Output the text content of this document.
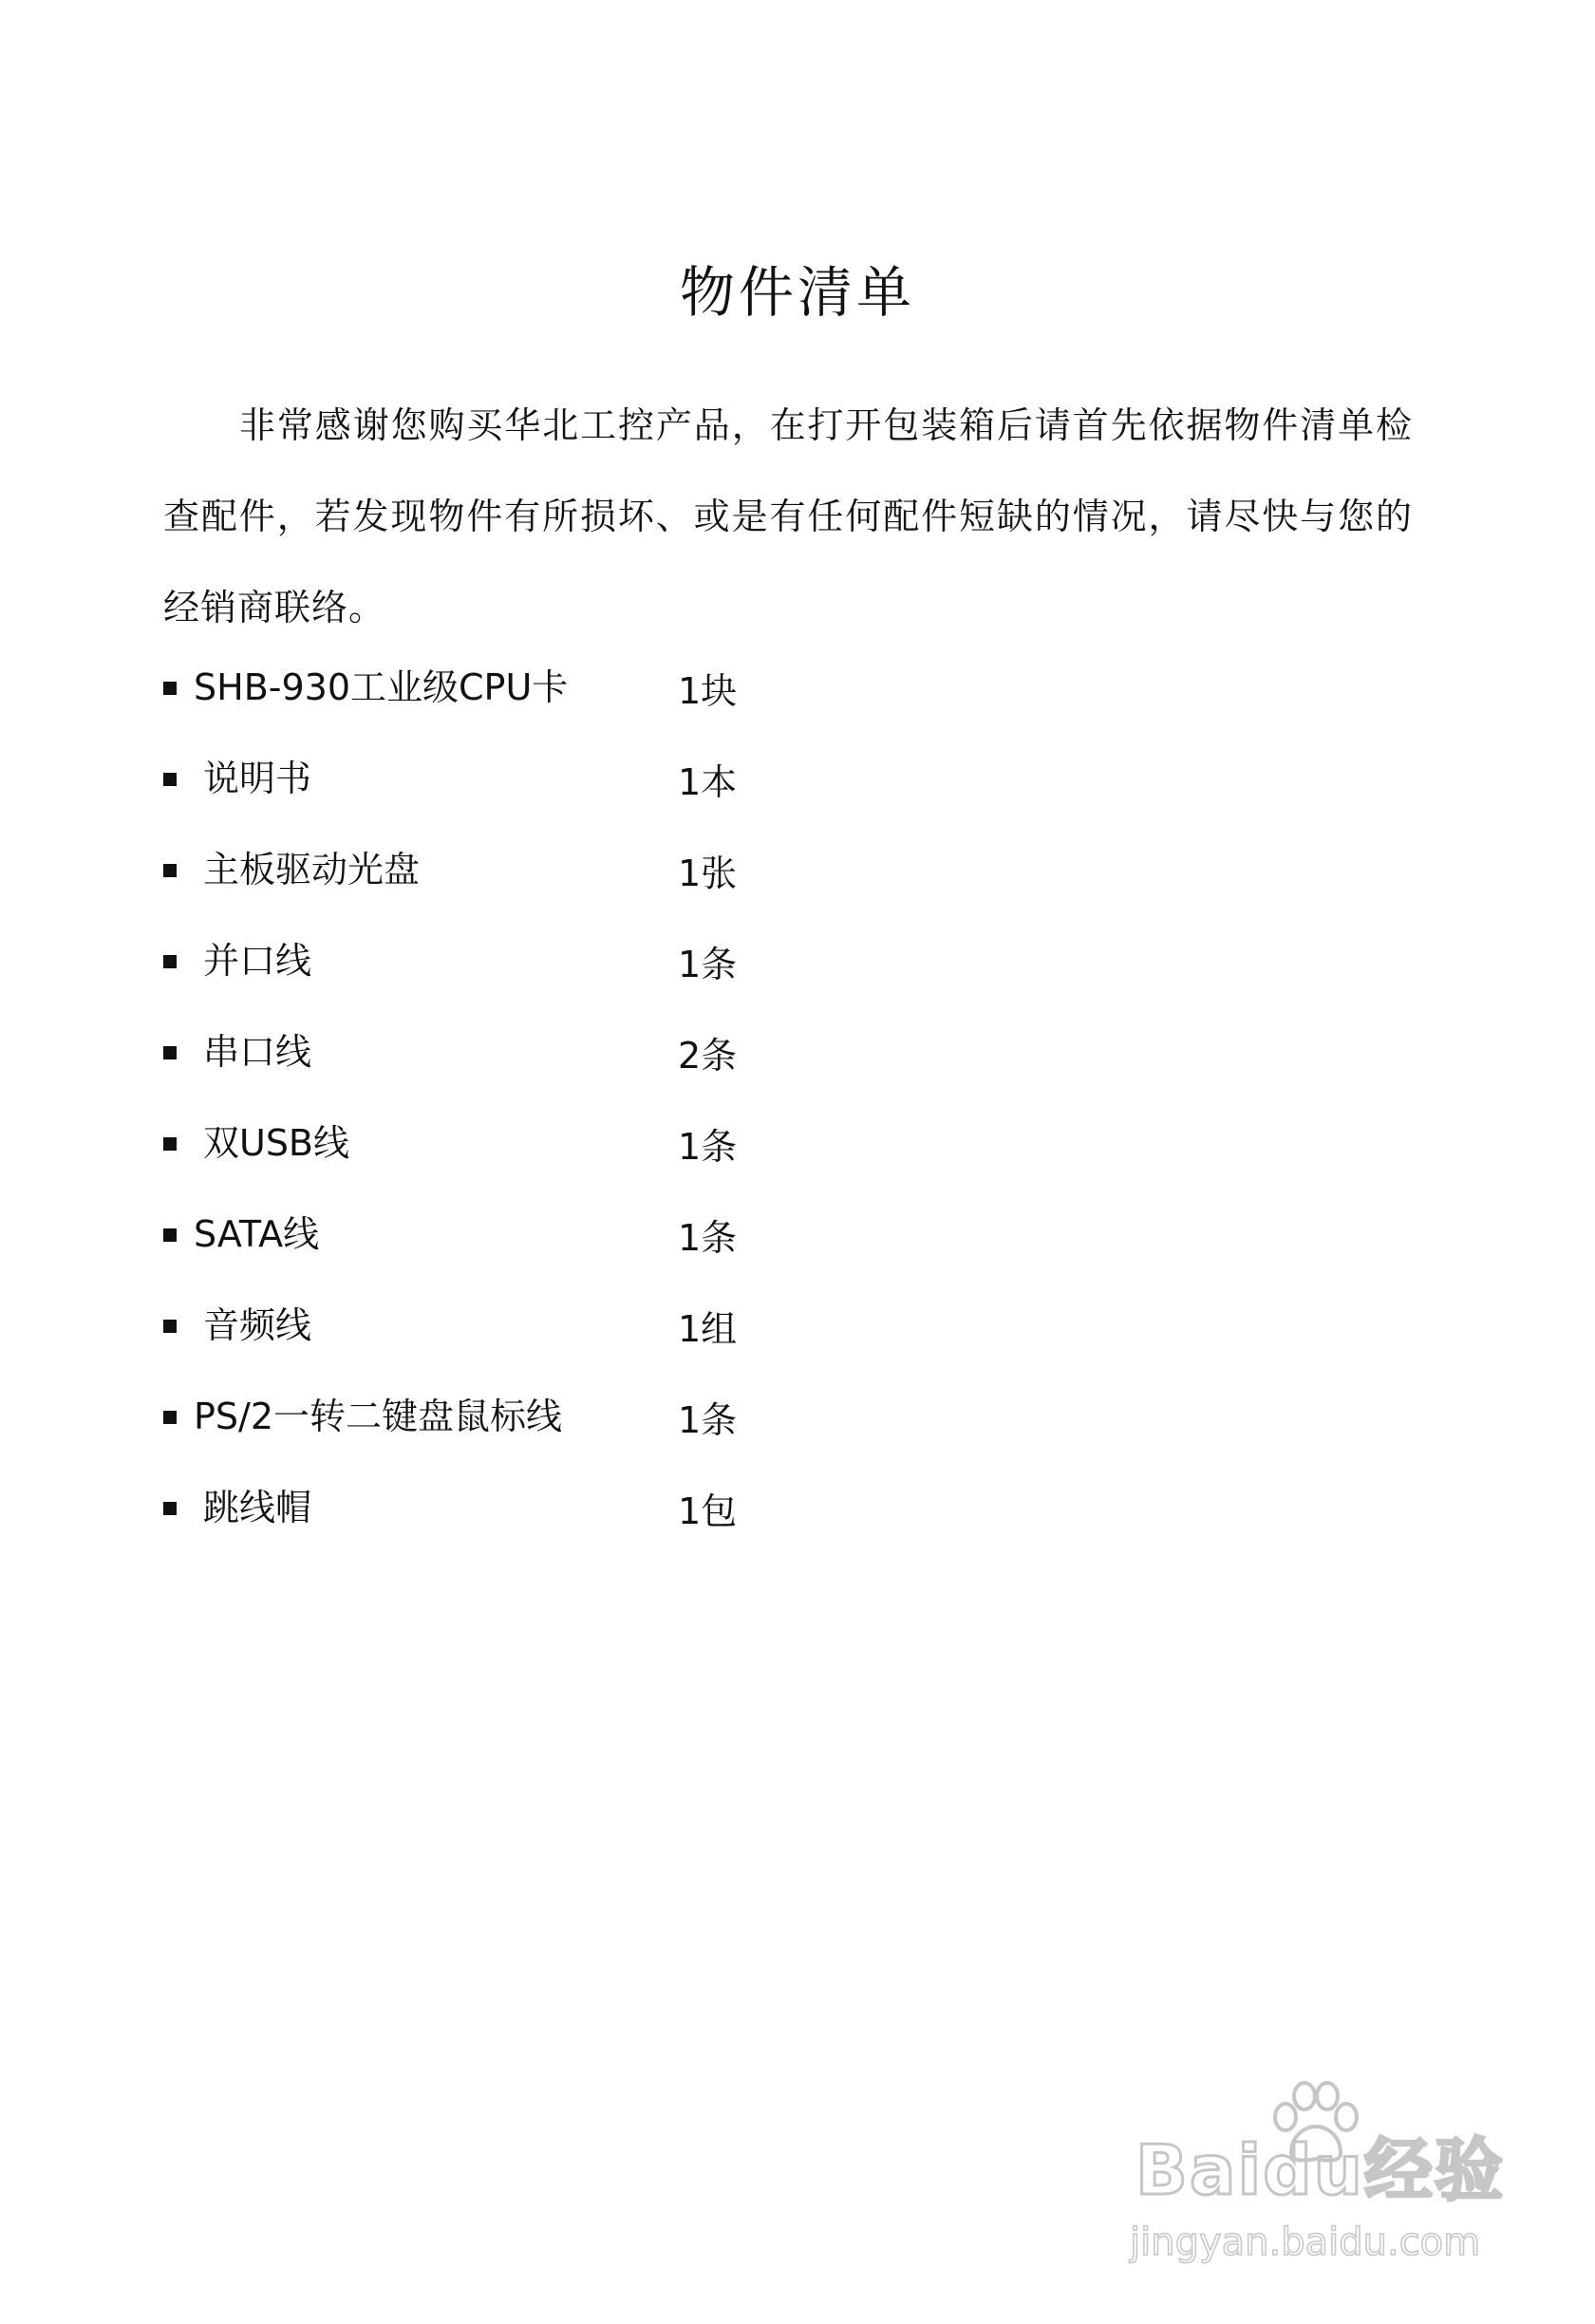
物件清单

非常感谢您购买华北工控产品，在打开包装箱后请首先依据物件清单检查配件，若发现物件有所损坏、或是有任何配件短缺的情况，请尽快与您的经销商联络。

SHB-930工业级CPU卡	1块
说明书	1本
主板驱动光盘	1张
并口线	1条
串口线	2条
双USB线	1条
SATA线	1条
音频线	1组
PS/2一转二键盘鼠标线	1条
跳线帽	1包
Baidu经验
jingyan.baidu.com
